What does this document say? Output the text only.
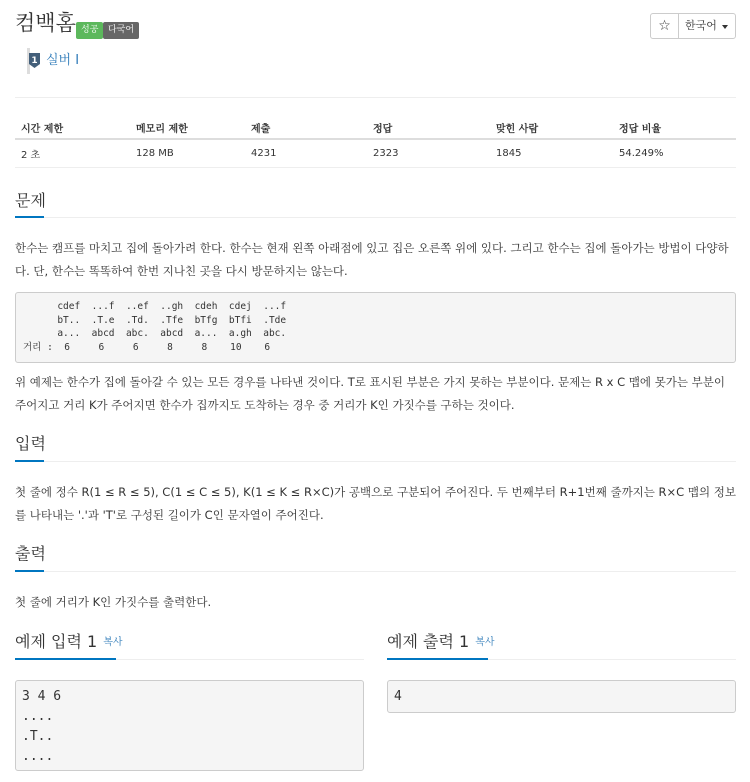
컴백홈 성공	다국어	☆	한국어
1 실버 I
시간 제한	메모리 제한	제출	정답	맞힌 사람	정답 비율
2 초	128 MB	4231	2323	1845	54.249%
문제
한수는 캠프를 마치고 집에 돌아가려 한다. 한수는 현재 왼쪽 아래점에 있고 집은 오른쪽 위에 있다. 그리고 한수는 집에 돌아가는 방법이 다양하다. 단, 한수는 똑똑하여 한번 지나친 곳을 다시 방문하지는 않는다.
cdef  ...f  ..ef  ..gh  cdeh  cdej  ...f
bT..  .T.e  .Td.  .Tfe  bTfg  bTfi  .Tde
a...  abcd  abc.  abcd  a...  a.gh  abc.
거리 :  6     6     6     8     8    10    6
위 예제는 한수가 집에 돌아갈 수 있는 모든 경우를 나타낸 것이다. T로 표시된 부분은 가지 못하는 부분이다. 문제는 R x C 맵에 못가는 부분이 주어지고 거리 K가 주어지면 한수가 집까지도 도착하는 경우 중 거리가 K인 가짓수를 구하는 것이다.
입력
첫 줄에 정수 R(1 ≤ R ≤ 5), C(1 ≤ C ≤ 5), K(1 ≤ K ≤ R×C)가 공백으로 구분되어 주어진다. 두 번째부터 R+1번째 줄까지는 R×C 맵의 정보를 나타내는 '.'과 'T'로 구성된 길이가 C인 문자열이 주어진다.
출력
첫 줄에 거리가 K인 가짓수를 출력한다.
예제 입력 1 복사
3 4 6
....
.T..
....
예제 출력 1 복사
4
